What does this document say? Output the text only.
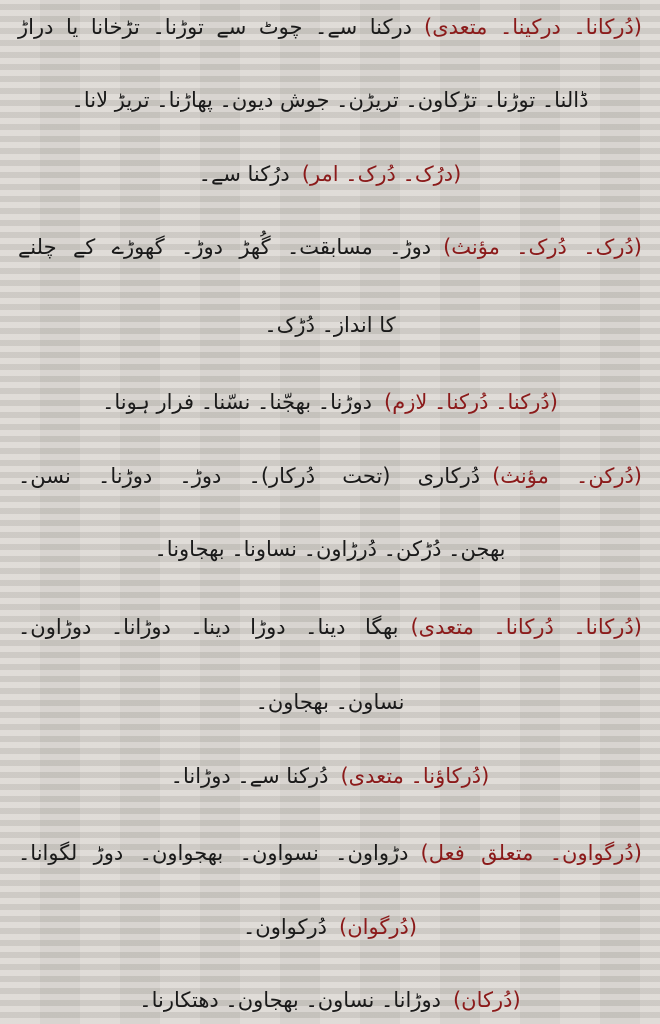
(دُرکانا۔ درکینا۔ متعدی)درکنا سے۔ چوٹ سے توڑنا۔ تڑخانا یا دراڑ
ڈالنا۔ توڑنا۔ تڑکاون۔ تریڑن۔ جوش دیون۔ پھاڑنا۔ تریڑ لانا۔
(درُک۔ دُرک۔ امر)درُکنا سے۔
(دُرک۔ دُرک۔ مؤنث)دوڑ۔ مسابقت۔ گُھڑ دوڑ۔ گھوڑے کے چلنے
کا انداز۔ دُڑک۔
(دُرکنا۔ دُرکنا۔ لازم)دوڑنا۔ بھجّنا۔ نسّنا۔ فرار ہونا۔
(دُرکن۔ مؤنث)دُرکاری (تحت دُرکار)۔ دوڑ۔ دوڑنا۔ نسن۔
بھجن۔ دُڑکن۔ دُرڑاون۔ نساونا۔ بھجاونا۔
(دُرکانا۔ دُرکانا۔ متعدی)بھگا دینا۔ دوڑا دینا۔ دوڑانا۔ دوڑاون۔
نساون۔ بھجاون۔
(دُرکاؤنا۔ متعدی)دُرکنا سے۔ دوڑانا۔
(دُرگواون۔ متعلق فعل)دڑواون۔ نسواون۔ بھجواون۔ دوڑ لگوانا۔
(دُرگوان)دُرکواون۔
(دُرکان)دوڑانا۔ نساون۔ بھجاون۔ دھتکارنا۔
